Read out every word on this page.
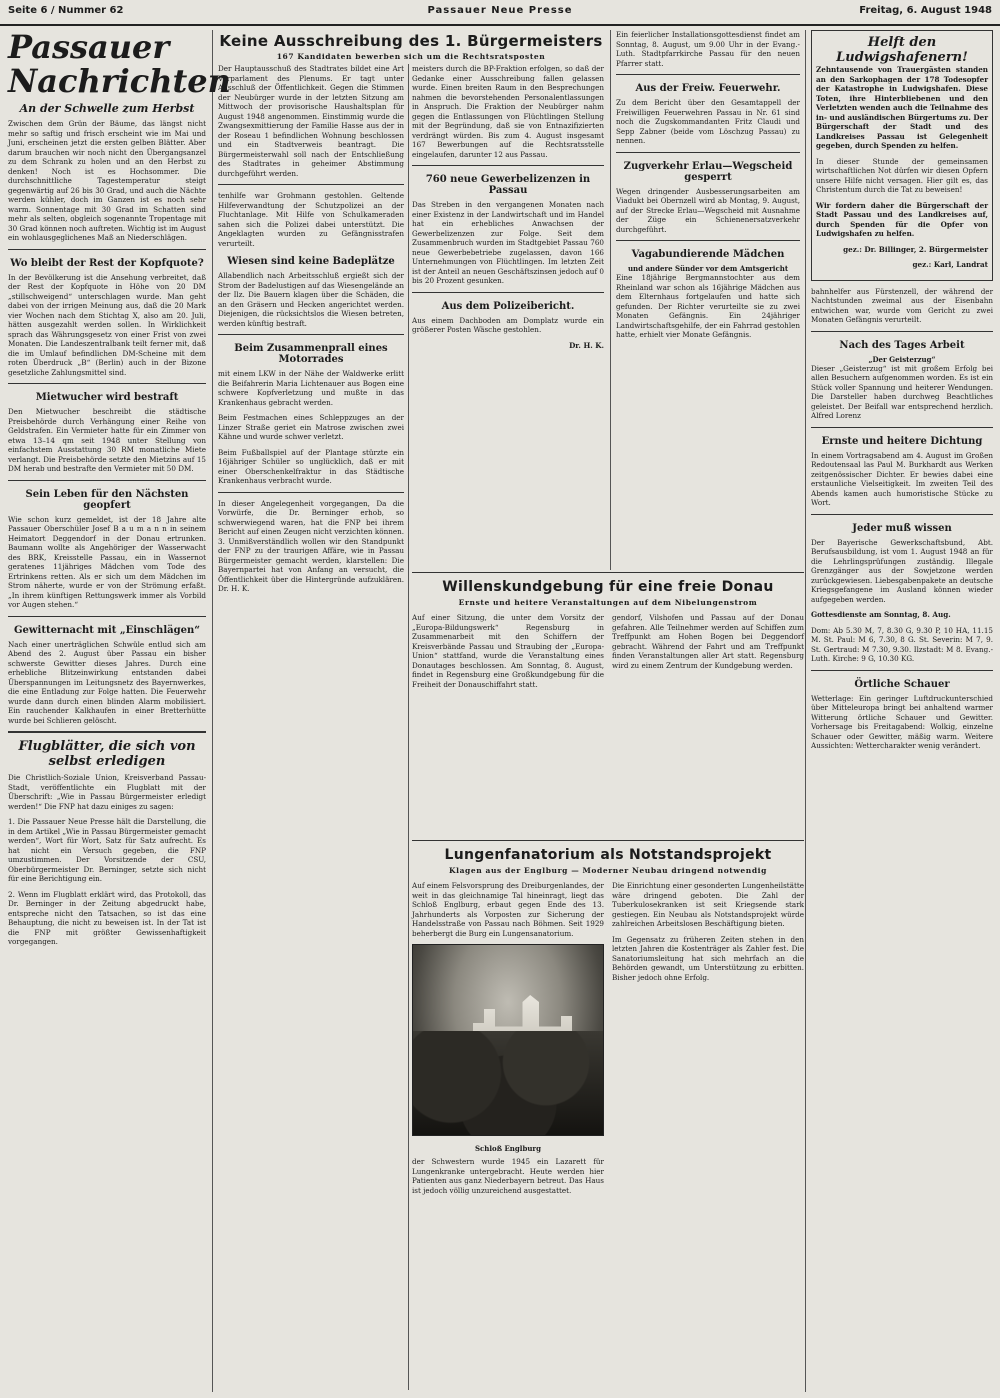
Seite 6 / Nummer 62	Passauer Neue Presse	Freitag, 6. August 1948
Passauer
Nachrichten
An der Schwelle zum Herbst

Zwischen dem Grün der Bäume, das längst nicht mehr so saftig und frisch erscheint wie im Mai und Juni, erscheinen jetzt die ersten gelben Blätter. Aber darum brauchen wir noch nicht den Übergangsanzel zu dem Schrank zu holen und an den Herbst zu denken! Noch ist es Hochsommer. Die durchschnittliche Tagestemperatur steigt gegenwärtig auf 26 bis 30 Grad, und auch die Nächte werden kühler, doch im Ganzen ist es noch sehr warm. Sonnentage mit 30 Grad im Schatten sind mehr als selten, obgleich sogenannte Tropentage mit 30 Grad können noch auftreten. Wichtig ist im August ein wohlausgeglichenes Maß an Niederschlägen.

Wo bleibt der Rest der Kopfquote?

In der Bevölkerung ist die Ansehung verbreitet, daß der Rest der Kopfquote in Höhe von 20 DM „stillschweigend“ unterschlagen wurde. Man geht dabei von der irrigen Meinung aus, daß die 20 Mark vier Wochen nach dem Stichtag X, also am 20. Juli, hätten ausgezahlt werden sollen. In Wirklichkeit sprach das Währungsgesetz von einer Frist von zwei Monaten. Die Landeszentralbank teilt ferner mit, daß die im Umlauf befindlichen DM-Scheine mit dem roten Überdruck „B“ (Berlin) auch in der Bizone gesetzliche Zahlungsmittel sind.

Mietwucher wird bestraft

Den Mietwucher beschreibt die städtische Preisbehörde durch Verhängung einer Reihe von Geldstrafen. Ein Vermieter hatte für ein Zimmer von etwa 13–14 qm seit 1948 unter Stellung von einfachstem Ausstattung 30 RM monatliche Miete verlangt. Die Preisbehörde setzte den Mietzins auf 15 DM herab und bestrafte den Vermieter mit 50 DM.

Sein Leben für den Nächsten geopfert

Wie schon kurz gemeldet, ist der 18 Jahre alte Passauer Oberschüler Josef B a u m a n n in seinem Heimatort Deggendorf in der Donau ertrunken. Baumann wollte als Angehöriger der Wasserwacht des BRK, Kreisstelle Passau, ein in Wassernot geratenes 11jähriges Mädchen vom Tode des Ertrinkens retten. Als er sich um dem Mädchen im Strom näherte, wurde er von der Strömung erfaßt. „In ihrem künftigen Rettungswerk immer als Vorbild vor Augen stehen.“

Gewitternacht mit „Einschlägen“

Nach einer unerträglichen Schwüle entlud sich am Abend des 2. August über Passau ein bisher schwerste Gewitter dieses Jahres. Durch eine erhebliche Blitzeinwirkung entstanden dabei Überspannungen im Leitungsnetz des Bayernwerkes, die eine Entladung zur Folge hatten. Die Feuerwehr wurde dann durch einen blinden Alarm mobilisiert. Ein rauchender Kalkhaufen in einer Bretterhütte wurde bei Schlieren gelöscht.

Flugblätter, die sich von selbst erledigen

Die Christlich-Soziale Union, Kreisverband Passau-Stadt, veröffentlichte ein Flugblatt mit der Überschrift: „Wie in Passau Bürgermeister erledigt werden!“ Die FNP hat dazu einiges zu sagen:

1. Die Passauer Neue Presse hält die Darstellung, die in dem Artikel „Wie in Passau Bürgermeister gemacht werden“, Wort für Wort, Satz für Satz aufrecht. Es hat nicht ein Versuch gegeben, die FNP umzustimmen. Der Vorsitzende der CSU, Oberbürgermeister Dr. Berninger, setzte sich nicht für eine Berichtigung ein.

2. Wenn im Flugblatt erklärt wird, das Protokoll, das Dr. Berninger in der Zeitung abgedruckt habe, entspreche nicht den Tatsachen, so ist das eine Behauptung, die nicht zu beweisen ist. In der Tat ist die FNP mit größter Gewissenhaftigkeit vorgegangen.

Keine Ausschreibung des 1. Bürgermeisters
167 Kandidaten bewerben sich um die Rechtsratsposten

Der Hauptausschuß des Stadtrates bildet eine Art Vorparlament des Plenums. Er tagt unter Ausschluß der Öffentlichkeit. Gegen die Stimmen der Neubürger wurde in der letzten Sitzung am Mittwoch der provisorische Haushaltsplan für August 1948 angenommen. Einstimmig wurde die Zwangsexmittierung der Familie Hasse aus der in der Roseau 1 befindlichen Wohnung beschlossen und ein Stadtverweis beantragt. Die Bürgermeisterwahl soll nach der Entschließung des Stadtrates in geheimer Abstimmung durchgeführt werden.

tenhilfe war Grohmann gestohlen. Geltende Hilfeverwandtung der Schutzpolizei an der Fluchtanlage. Mit Hilfe von Schulkameraden sahen sich die Polizei dabei unterstützt. Die Angeklagten wurden zu Gefängnisstrafen verurteilt.

Wiesen sind keine Badeplätze

Allabendlich nach Arbeitsschluß ergießt sich der Strom der Badelustigen auf das Wiesengelände an der Ilz. Die Bauern klagen über die Schäden, die an den Gräsern und Hecken angerichtet werden. Diejenigen, die rücksichtslos die Wiesen betreten, werden künftig bestraft.

Beim Zusammenprall eines Motorrades

mit einem LKW in der Nähe der Waldwerke erlitt die Beifahrerin Maria Lichtenauer aus Bogen eine schwere Kopfverletzung und mußte in das Krankenhaus gebracht werden.

Beim Festmachen eines Schleppzuges an der Linzer Straße geriet ein Matrose zwischen zwei Kähne und wurde schwer verletzt.

Beim Fußballspiel auf der Plantage stürzte ein 16jähriger Schüler so unglücklich, daß er mit einer Oberschenkelfraktur in das Städtische Krankenhaus verbracht wurde.

In dieser Angelegenheit vorgegangen, Da die Vorwürfe, die Dr. Berninger erhob, so schwerwiegend waren, hat die FNP bei ihrem Bericht auf einen Zeugen nicht verzichten können. 3. Unmißverständlich wollen wir den Standpunkt der FNP zu der traurigen Affäre, wie in Passau Bürgermeister gemacht werden, klarstellen: Die Bayernpartei hat von Anfang an versucht, die Öffentlichkeit über die Hintergründe aufzuklären. Dr. H. K.

meisters durch die BP-Fraktion erfolgen, so daß der Gedanke einer Ausschreibung fallen gelassen wurde. Einen breiten Raum in den Besprechungen nahmen die bevorstehenden Personalentlassungen in Anspruch. Die Fraktion der Neubürger nahm gegen die Entlassungen von Flüchtlingen Stellung mit der Begründung, daß sie von Entnazifizierten verdrängt würden. Bis zum 4. August insgesamt 167 Bewerbungen auf die Rechtsratsstelle eingelaufen, darunter 12 aus Passau.

760 neue Gewerbelizenzen in Passau

Das Streben in den vergangenen Monaten nach einer Existenz in der Landwirtschaft und im Handel hat ein erhebliches Anwachsen der Gewerbelizenzen zur Folge. Seit dem Zusammenbruch wurden im Stadtgebiet Passau 760 neue Gewerbebetriebe zugelassen, davon 166 Unternehmungen von Flüchtlingen. Im letzten Zeit ist der Anteil an neuen Geschäftszinsen jedoch auf 0 bis 20 Prozent gesunken.

Aus dem Polizeibericht.

Aus einem Dachboden am Domplatz wurde ein größerer Posten Wäsche gestohlen.

Dr. H. K.

Ein feierlicher Installationsgottesdienst findet am Sonntag, 8. August, um 9.00 Uhr in der Evang.-Luth. Stadtpfarrkirche Passau für den neuen Pfarrer statt.

Aus der Freiw. Feuerwehr.

Zu dem Bericht über den Gesamtappell der Freiwilligen Feuerwehren Passau in Nr. 61 sind noch die Zugskommandanten Fritz Claudi und Sepp Zabner (beide vom Löschzug Passau) zu nennen.

Zugverkehr Erlau—Wegscheid gesperrt

Wegen dringender Ausbesserungsarbeiten am Viadukt bei Obernzell wird ab Montag, 9. August, auf der Strecke Erlau—Wegscheid mit Ausnahme der Züge ein Schienenersatzverkehr durchgeführt.

Vagabundierende Mädchen
und andere Sünder vor dem Amtsgericht

Eine 18jährige Bergmannstochter aus dem Rheinland war schon als 16jährige Mädchen aus dem Elternhaus fortgelaufen und hatte sich gefunden. Der Richter verurteilte sie zu zwei Monaten Gefängnis. Ein 24jähriger Landwirtschaftsgehilfe, der ein Fahrrad gestohlen hatte, erhielt vier Monate Gefängnis.

Willenskundgebung für eine freie Donau
Ernste und heitere Veranstaltungen auf dem Nibelungenstrom

Auf einer Sitzung, die unter dem Vorsitz der „Europa-Bildungswerk“ Regensburg in Zusammenarbeit mit den Schiffern der Kreisverbände Passau und Straubing der „Europa-Union“ stattfand, wurde die Veranstaltung eines Donautages beschlossen. Am Sonntag, 8. August, findet in Regensburg eine Großkundgebung für die Freiheit der Donauschiffahrt statt.

gendorf, Vilshofen und Passau auf der Donau gefahren. Alle Teilnehmer werden auf Schiffen zum Treffpunkt am Hohen Bogen bei Deggendorf gebracht. Während der Fahrt und am Treffpunkt finden Veranstaltungen aller Art statt. Regensburg wird zu einem Zentrum der Kundgebung werden.

Lungenfanatorium als Notstandsprojekt
Klagen aus der Englburg — Moderner Neubau dringend notwendig

Auf einem Felsvorsprung des Dreiburgenlandes, der weit in das gleichnamige Tal hineinragt, liegt das Schloß Englburg, erbaut gegen Ende des 13. Jahrhunderts als Vorposten zur Sicherung der Handelsstraße von Passau nach Böhmen. Seit 1929 beherbergt die Burg ein Lungensanatorium.

Schloß Englburg

der Schwestern wurde 1945 ein Lazarett für Lungenkranke untergebracht. Heute werden hier Patienten aus ganz Niederbayern betreut. Das Haus ist jedoch völlig unzureichend ausgestattet.

Die Einrichtung einer gesonderten Lungenheilstätte wäre dringend geboten. Die Zahl der Tuberkulosekranken ist seit Kriegsende stark gestiegen. Ein Neubau als Notstandsprojekt würde zahlreichen Arbeitslosen Beschäftigung bieten.

Im Gegensatz zu früheren Zeiten stehen in den letzten Jahren die Kostenträger als Zahler fest. Die Sanatoriumsleitung hat sich mehrfach an die Behörden gewandt, um Unterstützung zu erbitten. Bisher jedoch ohne Erfolg.

Helft den Ludwigshafenern!

Zehntausende von Trauergästen standen an den Sarkophagen der 178 Todesopfer der Katastrophe in Ludwigshafen. Diese Toten, ihre Hinterbliebenen und den Verletzten wenden auch die Teilnahme des in- und ausländischen Bürgertums zu. Der Bürgerschaft der Stadt und des Landkreises Passau ist Gelegenheit gegeben, durch Spenden zu helfen.

In dieser Stunde der gemeinsamen wirtschaftlichen Not dürfen wir diesen Opfern unsere Hilfe nicht versagen. Hier gilt es, das Christentum durch die Tat zu beweisen!

Wir fordern daher die Bürgerschaft der Stadt Passau und des Landkreises auf, durch Spenden für die Opfer von Ludwigshafen zu helfen.

gez.: Dr. Billinger, 2. Bürgermeister

gez.: Karl, Landrat

bahnhelfer aus Fürstenzell, der während der Nachtstunden zweimal aus der Eisenbahn entwichen war, wurde vom Gericht zu zwei Monaten Gefängnis verurteilt.

Nach des Tages Arbeit
„Der Geisterzug“

Dieser „Geisterzug“ ist mit großem Erfolg bei allen Besuchern aufgenommen worden. Es ist ein Stück voller Spannung und heiterer Wendungen. Die Darsteller haben durchweg Beachtliches geleistet. Der Beifall war entsprechend herzlich. Alfred Lorenz

Ernste und heitere Dichtung

In einem Vortragsabend am 4. August im Großen Redoutensaal las Paul M. Burkhardt aus Werken zeitgenössischer Dichter. Er bewies dabei eine erstaunliche Vielseitigkeit. Im zweiten Teil des Abends kamen auch humoristische Stücke zu Wort.

Jeder muß wissen

Der Bayerische Gewerkschaftsbund, Abt. Berufsausbildung, ist vom 1. August 1948 an für die Lehrlingsprüfungen zuständig. Illegale Grenzgänger aus der Sowjetzone werden zurückgewiesen. Liebesgabenpakete an deutsche Kriegsgefangene im Ausland können wieder aufgegeben werden.

Gottesdienste am Sonntag, 8. Aug.

Dom: Ab 5.30 M, 7, 8.30 G, 9.30 P, 10 HA, 11.15 M. St. Paul: M 6, 7.30, 8 G. St. Severin: M 7, 9. St. Gertraud: M 7.30, 9.30. Ilzstadt: M 8. Evang.-Luth. Kirche: 9 G, 10.30 KG.

Örtliche Schauer

Wetterlage: Ein geringer Luftdruckunterschied über Mitteleuropa bringt bei anhaltend warmer Witterung örtliche Schauer und Gewitter. Vorhersage bis Freitagabend: Wolkig, einzelne Schauer oder Gewitter, mäßig warm. Weitere Aussichten: Wettercharakter wenig verändert.
